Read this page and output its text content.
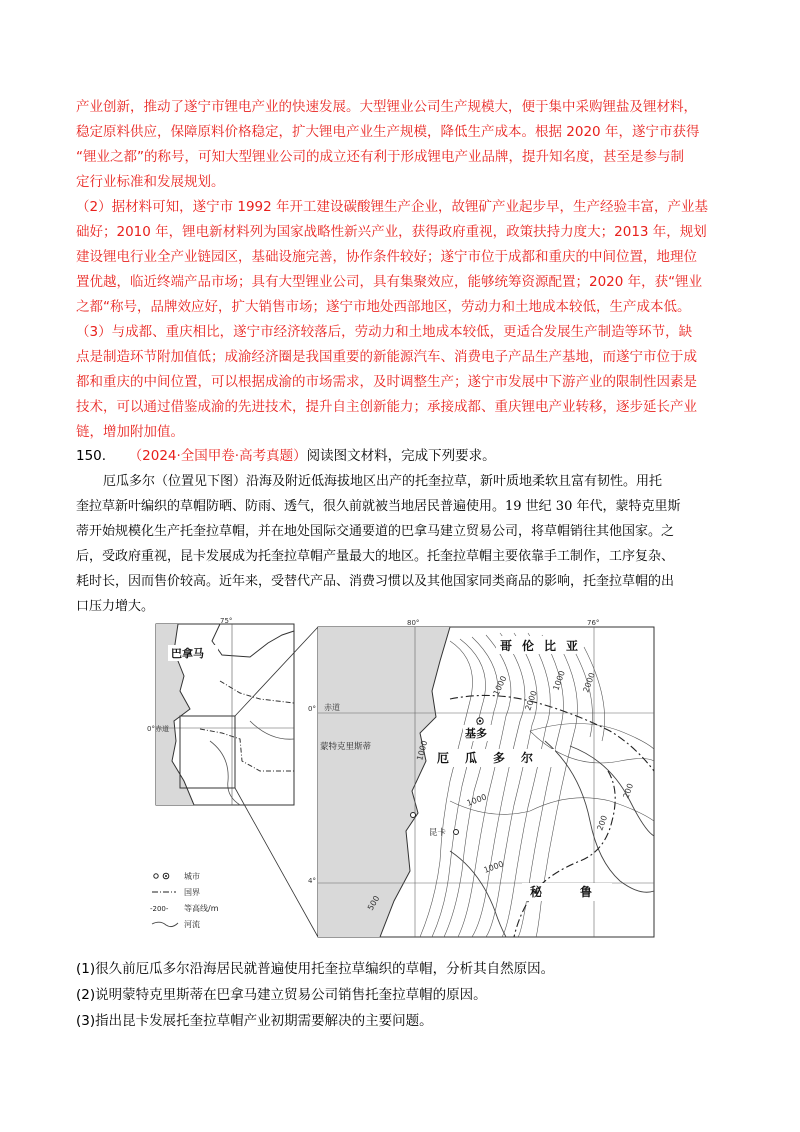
产业创新，推动了遂宁市锂电产业的快速发展。大型锂业公司生产规模大，便于集中采购锂盐及锂材料，
稳定原料供应，保障原料价格稳定，扩大锂电产业生产规模，降低生产成本。根据 2020 年，遂宁市获得
“锂业之都”的称号，可知大型锂业公司的成立还有利于形成锂电产业品牌，提升知名度，甚至是参与制
定行业标准和发展规划。
（2）据材料可知，遂宁市 1992 年开工建设碳酸锂生产企业，故锂矿产业起步早，生产经验丰富，产业基
础好；2010 年，锂电新材料列为国家战略性新兴产业，获得政府重视，政策扶持力度大；2013 年，规划
建设锂电行业全产业链园区，基础设施完善，协作条件较好；遂宁市位于成都和重庆的中间位置，地理位
置优越，临近终端产品市场；具有大型锂业公司，具有集聚效应，能够统筹资源配置；2020 年，获“锂业
之都“称号，品牌效应好，扩大销售市场；遂宁市地处西部地区，劳动力和土地成本较低，生产成本低。
（3）与成都、重庆相比，遂宁市经济较落后，劳动力和土地成本较低，更适合发展生产制造等环节，缺
点是制造环节附加值低；成渝经济圈是我国重要的新能源汽车、消费电子产品生产基地，而遂宁市位于成
都和重庆的中间位置，可以根据成渝的市场需求，及时调整生产；遂宁市发展中下游产业的限制性因素是
技术，可以通过借鉴成渝的先进技术，提升自主创新能力；承接成都、重庆锂电产业转移，逐步延长产业
链，增加附加值。
150. （2024·全国甲卷·高考真题）阅读图文材料，完成下列要求。
厄瓜多尔（位置见下图）沿海及附近低海拔地区出产的托奎拉草，新叶质地柔软且富有韧性。用托
奎拉草新叶编织的草帽防晒、防雨、透气，很久前就被当地居民普遍使用。19 世纪 30 年代，蒙特克里斯
蒂开始规模化生产托奎拉草帽，并在地处国际交通要道的巴拿马建立贸易公司，将草帽销往其他国家。之
后，受政府重视，昆卡发展成为托奎拉草帽产量最大的地区。托奎拉草帽主要依靠手工制作，工序复杂、
耗时长，因而售价较高。近年来，受替代产品、消费习惯以及其他国家同类商品的影响，托奎拉草帽的出
口压力增大。
75°
0°赤道
巴拿马
80°	76°
0°
4°
赤道
1000
2000
1000 2000
1000
200
500
200
1000
1000
哥伦比亚
基多
厄瓜多尔
蒙特克里斯蒂
昆卡
秘鲁
城市
国界
-200- 等高线/m
河流
(1)很久前厄瓜多尔沿海居民就普遍使用托奎拉草编织的草帽，分析其自然原因。
(2)说明蒙特克里斯蒂在巴拿马建立贸易公司销售托奎拉草帽的原因。
(3)指出昆卡发展托奎拉草帽产业初期需要解决的主要问题。
